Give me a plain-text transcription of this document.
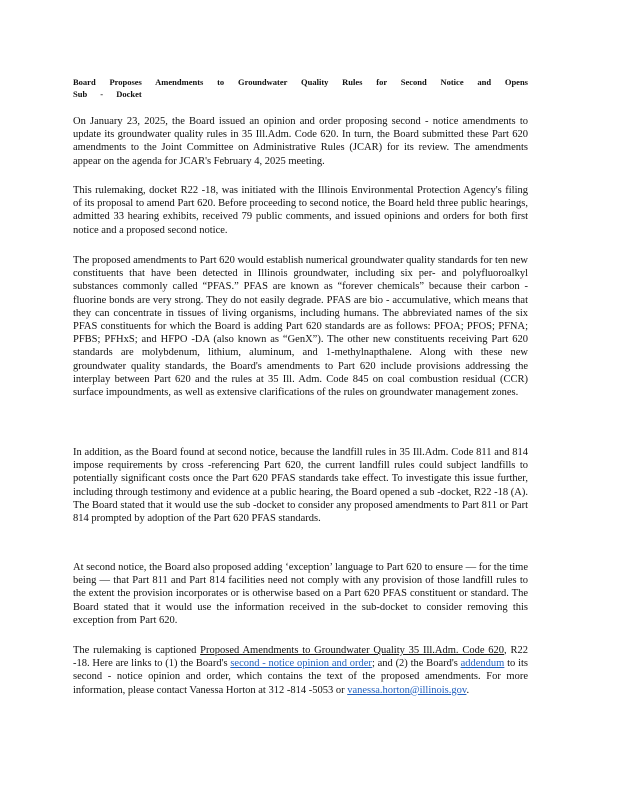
Board Proposes Amendments to Groundwater Quality Rules for Second Notice and Opens Sub - Docket

On January 23, 2025, the Board issued an opinion and order proposing second - notice amendments to update its groundwater quality rules in 35 Ill.Adm. Code 620. In turn, the Board submitted these Part 620 amendments to the Joint Committee on Administrative Rules (JCAR) for its review. The amendments appear on the agenda for JCAR's February 4, 2025 meeting.

This rulemaking, docket R22 -18, was initiated with the Illinois Environmental Protection Agency's filing of its proposal to amend Part 620. Before proceeding to second notice, the Board held three public hearings, admitted 33 hearing exhibits, received 79 public comments, and issued opinions and orders for both first notice and a proposed second notice.

The proposed amendments to Part 620 would establish numerical groundwater quality standards for ten new constituents that have been detected in Illinois groundwater, including six per- and polyfluoroalkyl substances commonly called “PFAS.” PFAS are known as “forever chemicals” because their carbon -fluorine bonds are very strong. They do not easily degrade. PFAS are bio - accumulative, which means that they can concentrate in tissues of living organisms, including humans. The abbreviated names of the six PFAS constituents for which the Board is adding Part 620 standards are as follows: PFOA; PFOS; PFNA; PFBS; PFHxS; and HFPO -DA (also known as “GenX”). The other new constituents receiving Part 620 standards are molybdenum, lithium, aluminum, and 1-methylnapthalene. Along with these new groundwater quality standards, the Board's amendments to Part 620 include provisions addressing the interplay between Part 620 and the rules at 35 Ill. Adm. Code 845 on coal combustion residual (CCR) surface impoundments, as well as extensive clarifications of the rules on groundwater management zones.

In addition, as the Board found at second notice, because the landfill rules in 35 Ill.Adm. Code 811 and 814 impose requirements by cross -referencing Part 620, the current landfill rules could subject landfills to potentially significant costs once the Part 620 PFAS standards take effect. To investigate this issue further, including through testimony and evidence at a public hearing, the Board opened a sub -docket, R22 -18 (A). The Board stated that it would use the sub -docket to consider any proposed amendments to Part 811 or Part 814 prompted by adoption of the Part 620 PFAS standards.

At second notice, the Board also proposed adding ‘exception’ language to Part 620 to ensure — for the time being — that Part 811 and Part 814 facilities need not comply with any provision of those landfill rules to the extent the provision incorporates or is otherwise based on a Part 620 PFAS constituent or standard. The Board stated that it would use the information received in the sub-docket to consider removing this exception from Part 620.

The rulemaking is captioned Proposed Amendments to Groundwater Quality 35 Ill.Adm. Code 620, R22 -18. Here are links to (1) the Board's second - notice opinion and order; and (2) the Board's addendum to its second - notice opinion and order, which contains the text of the proposed amendments. For more information, please contact Vanessa Horton at 312 -814 -5053 or vanessa.horton@illinois.gov.
